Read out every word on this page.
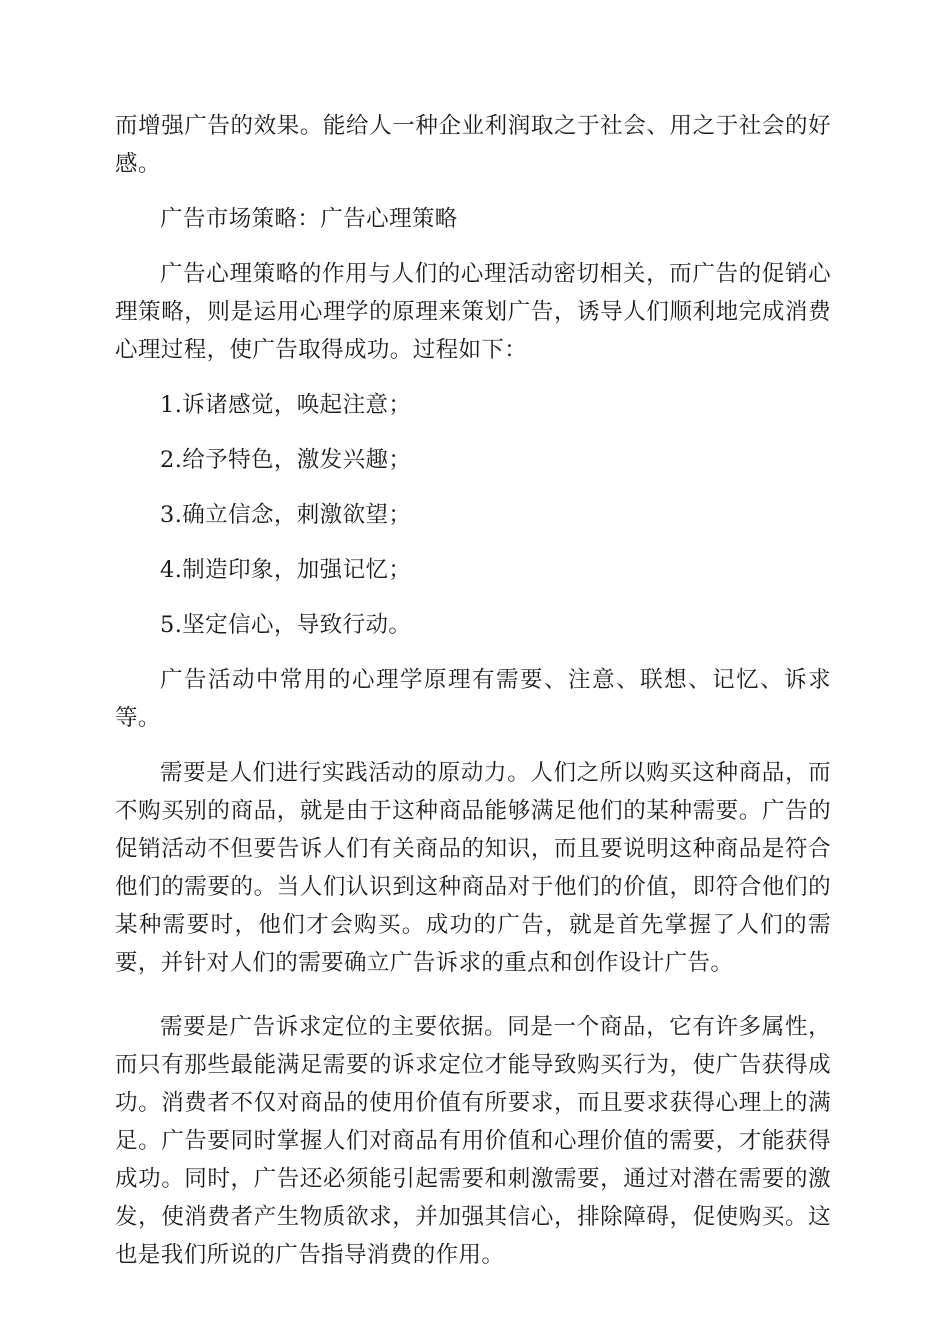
而增强广告的效果。能给人一种企业利润取之于社会、用之于社会的好感。

广告市场策略：广告心理策略

广告心理策略的作用与人们的心理活动密切相关，而广告的促销心理策略，则是运用心理学的原理来策划广告，诱导人们顺利地完成消费心理过程，使广告取得成功。过程如下：

1.诉诸感觉，唤起注意；

2.给予特色，激发兴趣；

3.确立信念，刺激欲望；

4.制造印象，加强记忆；

5.坚定信心，导致行动。

广告活动中常用的心理学原理有需要、注意、联想、记忆、诉求等。

需要是人们进行实践活动的原动力。人们之所以购买这种商品，而不购买别的商品，就是由于这种商品能够满足他们的某种需要。广告的促销活动不但要告诉人们有关商品的知识，而且要说明这种商品是符合他们的需要的。当人们认识到这种商品对于他们的价值，即符合他们的某种需要时，他们才会购买。成功的广告，就是首先掌握了人们的需要，并针对人们的需要确立广告诉求的重点和创作设计广告。

需要是广告诉求定位的主要依据。同是一个商品，它有许多属性，而只有那些最能满足需要的诉求定位才能导致购买行为，使广告获得成功。消费者不仅对商品的使用价值有所要求，而且要求获得心理上的满足。广告要同时掌握人们对商品有用价值和心理价值的需要，才能获得成功。同时，广告还必须能引起需要和刺激需要，通过对潜在需要的激发，使消费者产生物质欲求，并加强其信心，排除障碍，促使购买。这也是我们所说的广告指导消费的作用。
